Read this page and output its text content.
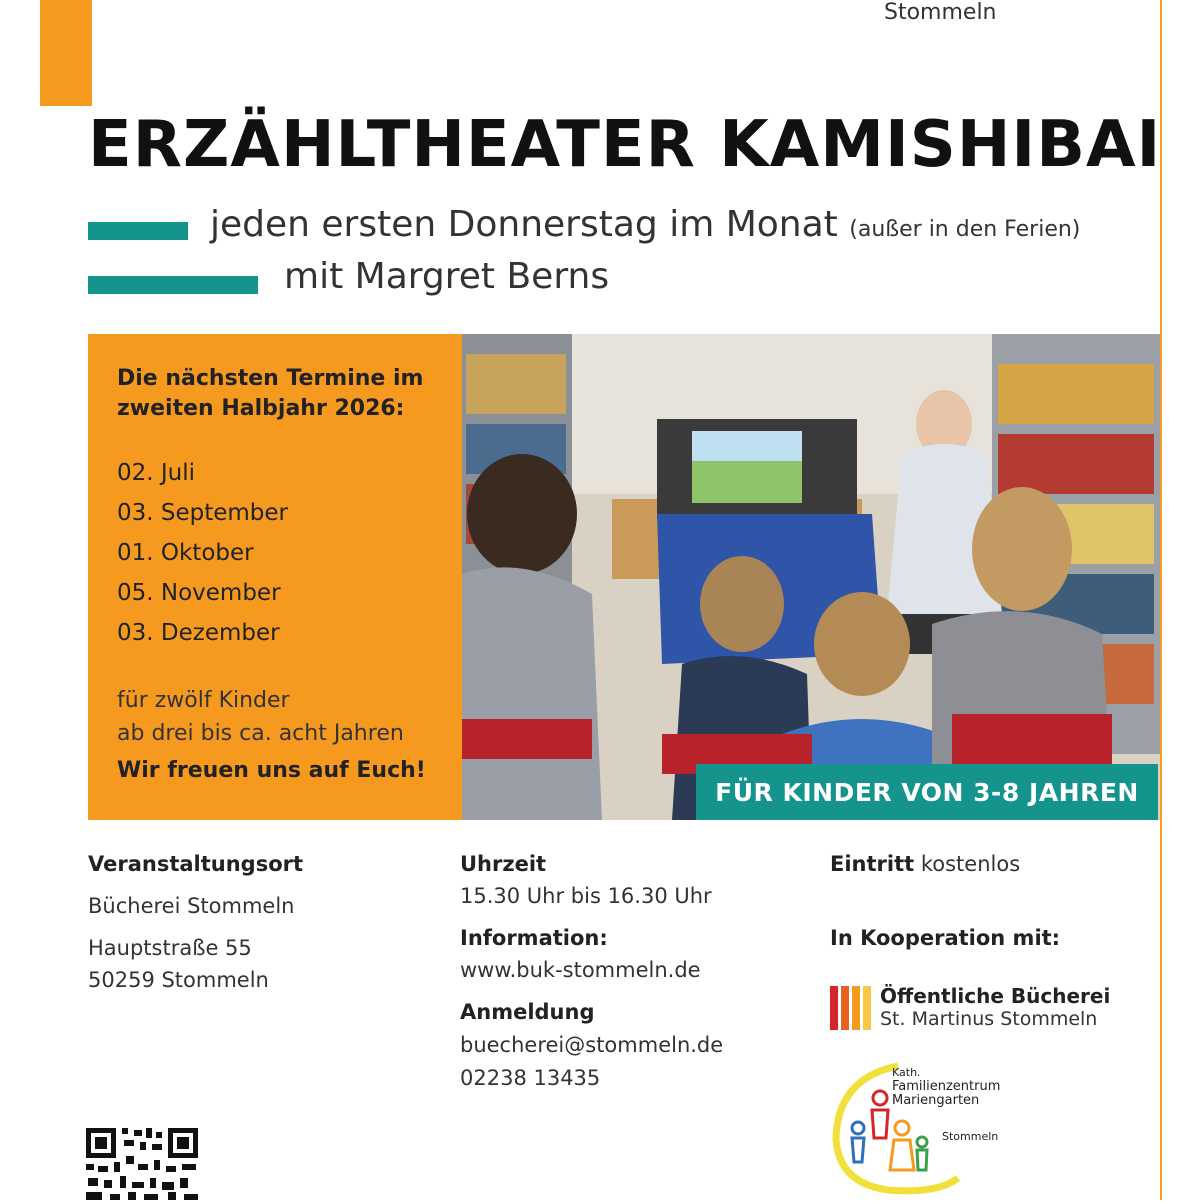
Stommeln
ERZÄHLTHEATER KAMISHIBAI
jeden ersten Donnerstag im Monat (außer in den Ferien)
mit Margret Berns
Die nächsten Termine im zweiten Halbjahr 2026:
02. Juli
03. September
01. Oktober
05. November
03. Dezember
für zwölf Kinder
ab drei bis ca. acht Jahren
Wir freuen uns auf Euch!
FÜR KINDER VON 3-8 JAHREN
Veranstaltungsort
Bücherei Stommeln
Hauptstraße 55
50259 Stommeln
Uhrzeit
15.30 Uhr bis 16.30 Uhr
Information:
www.buk-stommeln.de
Anmeldung
buecherei@stommeln.de
02238 13435
Eintritt kostenlos
In Kooperation mit:
Öffentliche Bücherei
St. Martinus Stommeln
Kath.
Familienzentrum
Mariengarten
Stommeln
